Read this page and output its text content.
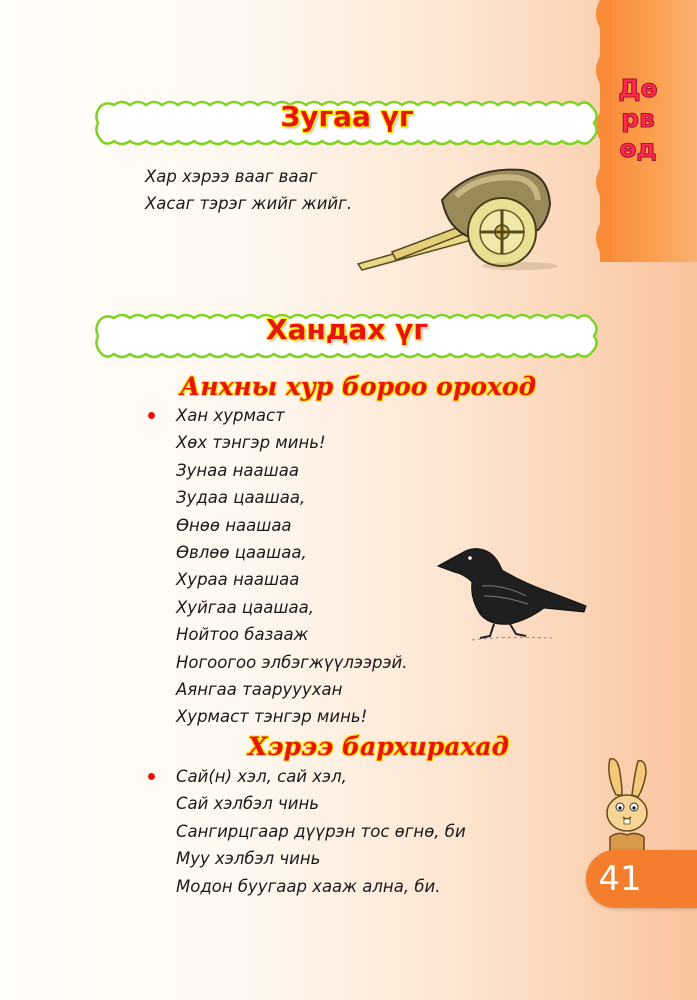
Дөрвөд
Зугаа үг
Хар хэрээ вааг вааг
Хасаг тэрэг жийг жийг.
Хандах үг
Анхны хур бороо ороход
Хан хурмаст
Хөх тэнгэр минь!
Зунаа наашаа
Зудаа цаашаа,
Өнөө наашаа
Өвлөө цаашаа,
Хураа наашаа
Хуйгаа цаашаа,
Нойтоо базааж
Ногоогоо элбэгжүүлээрэй.
Аянгаа таарууухан
Хурмаст тэнгэр минь!
Хэрээ бархирахад
Сай(н) хэл, сай хэл,
Сай хэлбэл чинь
Сангирцгаар дүүрэн тос өгнө, би
Муу хэлбэл чинь
Модон буугаар хааж ална, би.	41
